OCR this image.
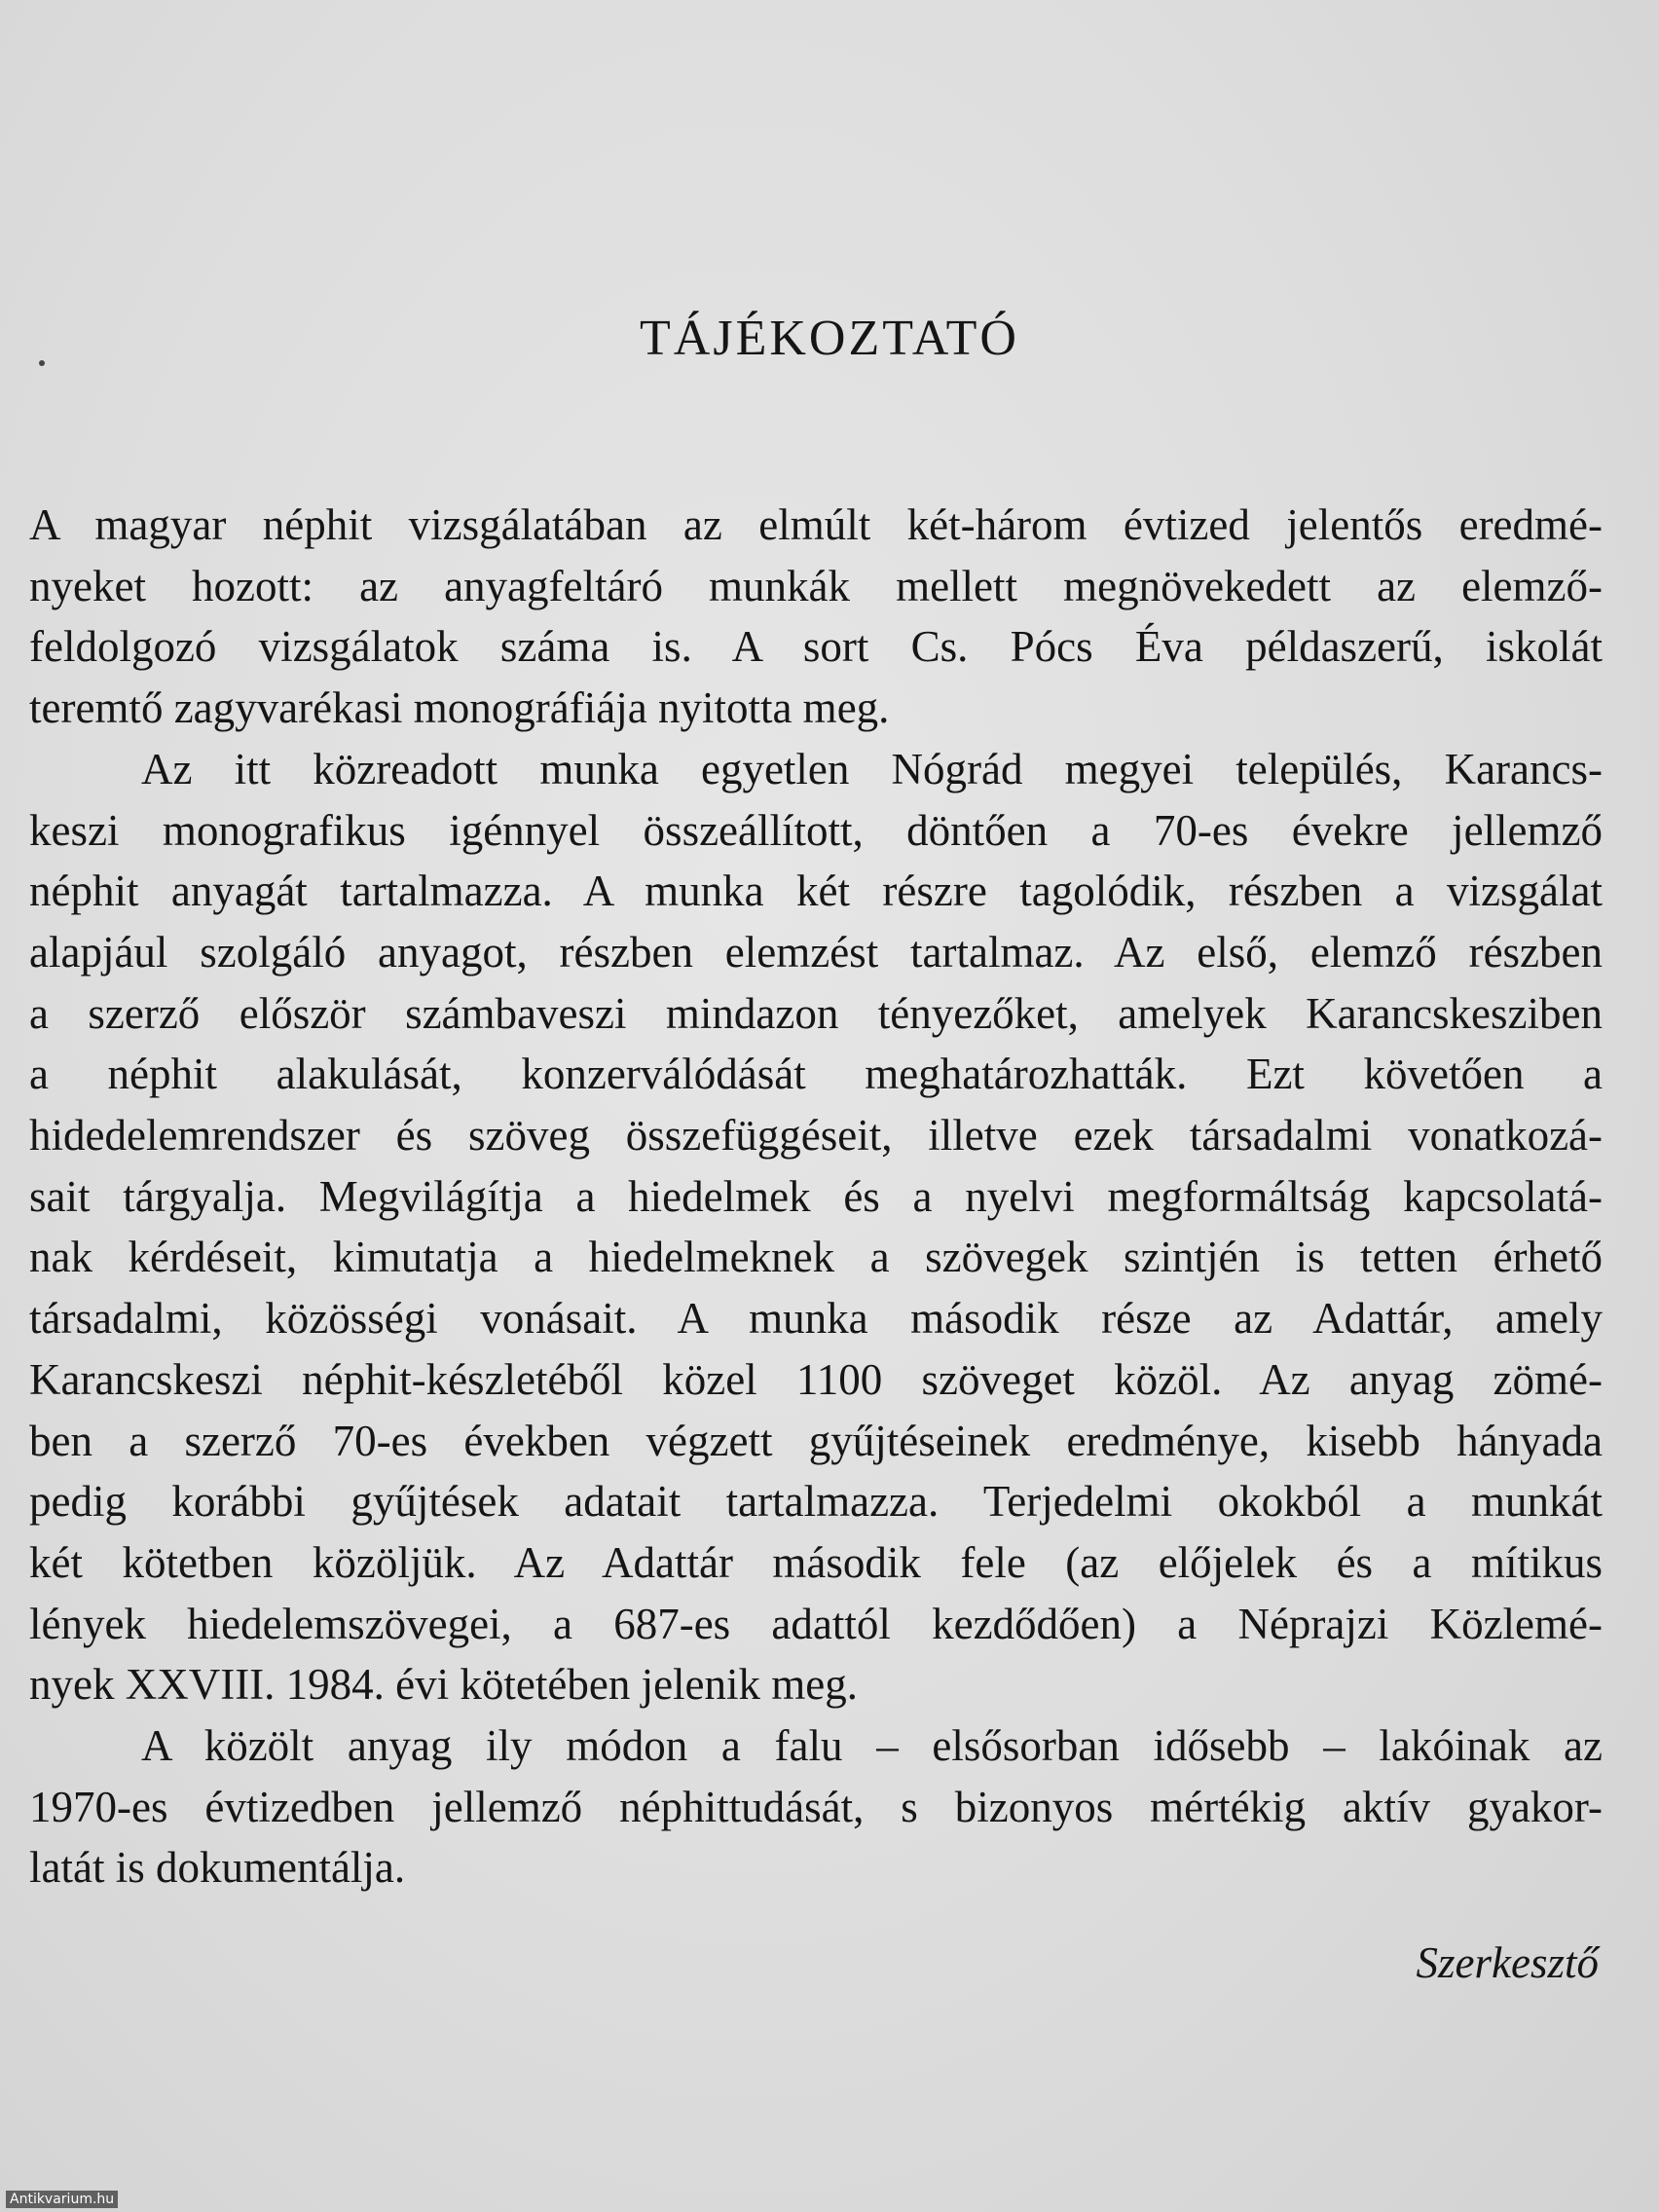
TÁJÉKOZTATÓ

A magyar néphit vizsgálatában az elmúlt két-három évtized jelentős eredmé-
nyeket hozott: az anyagfeltáró munkák mellett megnövekedett az elemző-
feldolgozó vizsgálatok száma is. A sort Cs. Pócs Éva példaszerű, iskolát
teremtő zagyvarékasi monográfiája nyitotta meg.

Az itt közreadott munka egyetlen Nógrád megyei település, Karancs-
keszi monografikus igénnyel összeállított, döntően a 70-es évekre jellemző
néphit anyagát tartalmazza. A munka két részre tagolódik, részben a vizsgálat
alapjául szolgáló anyagot, részben elemzést tartalmaz. Az első, elemző részben
a szerző először számbaveszi mindazon tényezőket, amelyek Karancskesziben
a néphit alakulását, konzerválódását meghatározhatták. Ezt követően a
hidedelemrendszer és szöveg összefüggéseit, illetve ezek társadalmi vonatkozá-
sait tárgyalja. Megvilágítja a hiedelmek és a nyelvi megformáltság kapcsolatá-
nak kérdéseit, kimutatja a hiedelmeknek a szövegek szintjén is tetten érhető
társadalmi, közösségi vonásait. A munka második része az Adattár, amely
Karancskeszi néphit-készletéből közel 1100 szöveget közöl. Az anyag zömé-
ben a szerző 70-es években végzett gyűjtéseinek eredménye, kisebb hányada
pedig korábbi gyűjtések adatait tartalmazza. Terjedelmi okokból a munkát
két kötetben közöljük. Az Adattár második fele (az előjelek és a mítikus
lények hiedelemszövegei, a 687-es adattól kezdődően) a Néprajzi Közlemé-
nyek XXVIII. 1984. évi kötetében jelenik meg.

A közölt anyag ily módon a falu – elsősorban idősebb – lakóinak az
1970-es évtizedben jellemző néphittudását, s bizonyos mértékig aktív gyakor-
latát is dokumentálja.

Szerkesztő
Antikvarium.hu
